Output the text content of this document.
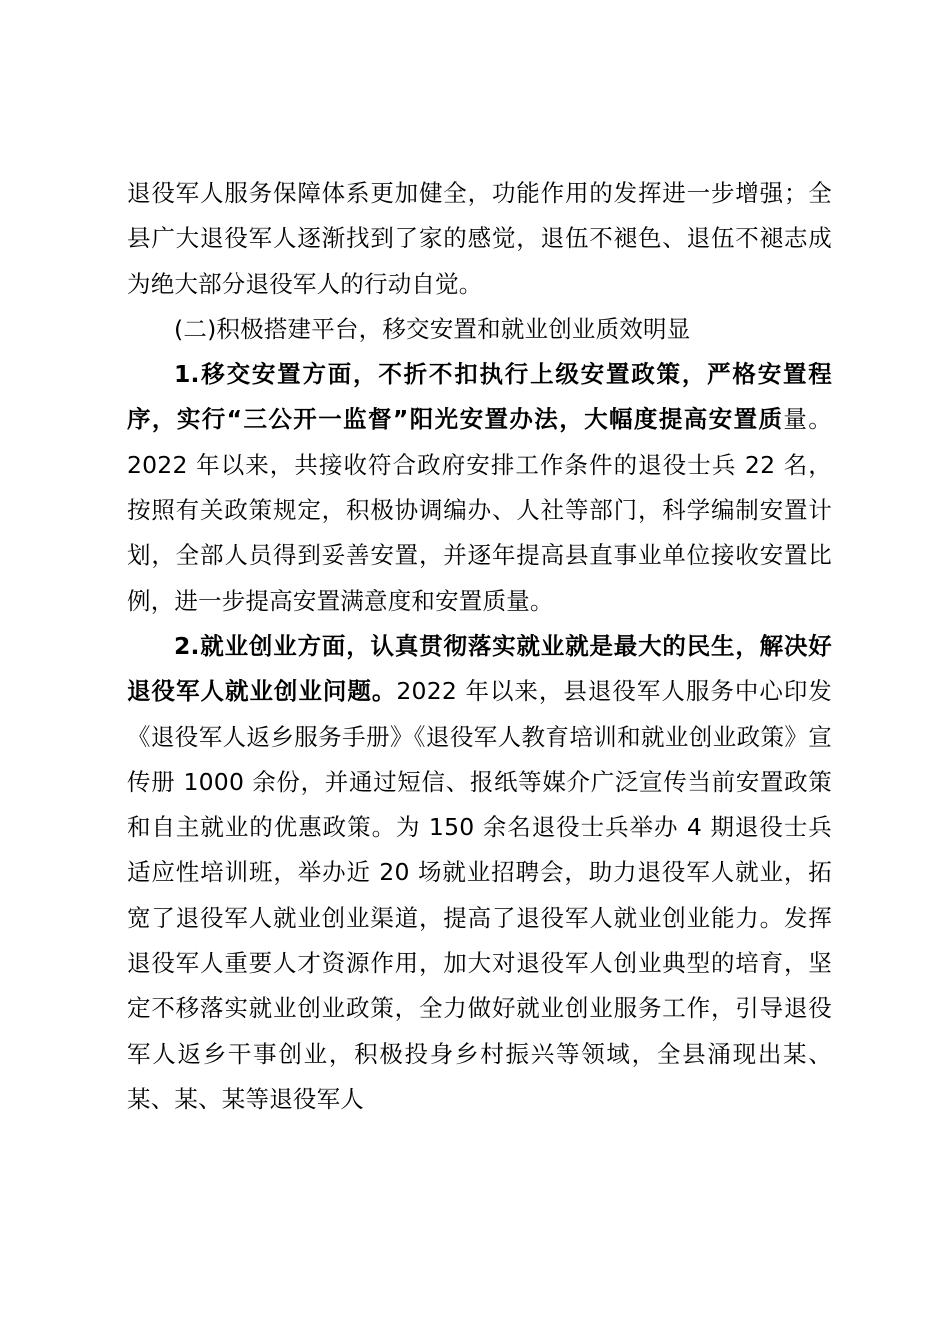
退役军人服务保障体系更加健全，功能作用的发挥进一步增强；全县广大退役军人逐渐找到了家的感觉，退伍不褪色、退伍不褪志成为绝大部分退役军人的行动自觉。

(二)积极搭建平台，移交安置和就业创业质效明显

1.移交安置方面，不折不扣执行上级安置政策，严格安置程序，实行“三公开一监督”阳光安置办法，大幅度提高安置质量。2022 年以来，共接收符合政府安排工作条件的退役士兵 22 名，按照有关政策规定，积极协调编办、人社等部门，科学编制安置计划，全部人员得到妥善安置，并逐年提高县直事业单位接收安置比例，进一步提高安置满意度和安置质量。

2.就业创业方面，认真贯彻落实就业就是最大的民生，解决好退役军人就业创业问题。2022 年以来，县退役军人服务中心印发《退役军人返乡服务手册》《退役军人教育培训和就业创业政策》宣传册 1000 余份，并通过短信、报纸等媒介广泛宣传当前安置政策和自主就业的优惠政策。为 150 余名退役士兵举办 4 期退役士兵适应性培训班，举办近 20 场就业招聘会，助力退役军人就业，拓宽了退役军人就业创业渠道，提高了退役军人就业创业能力。发挥退役军人重要人才资源作用，加大对退役军人创业典型的培育，坚定不移落实就业创业政策，全力做好就业创业服务工作，引导退役军人返乡干事创业，积极投身乡村振兴等领域，全县涌现出某、某、某、某等退役军人
